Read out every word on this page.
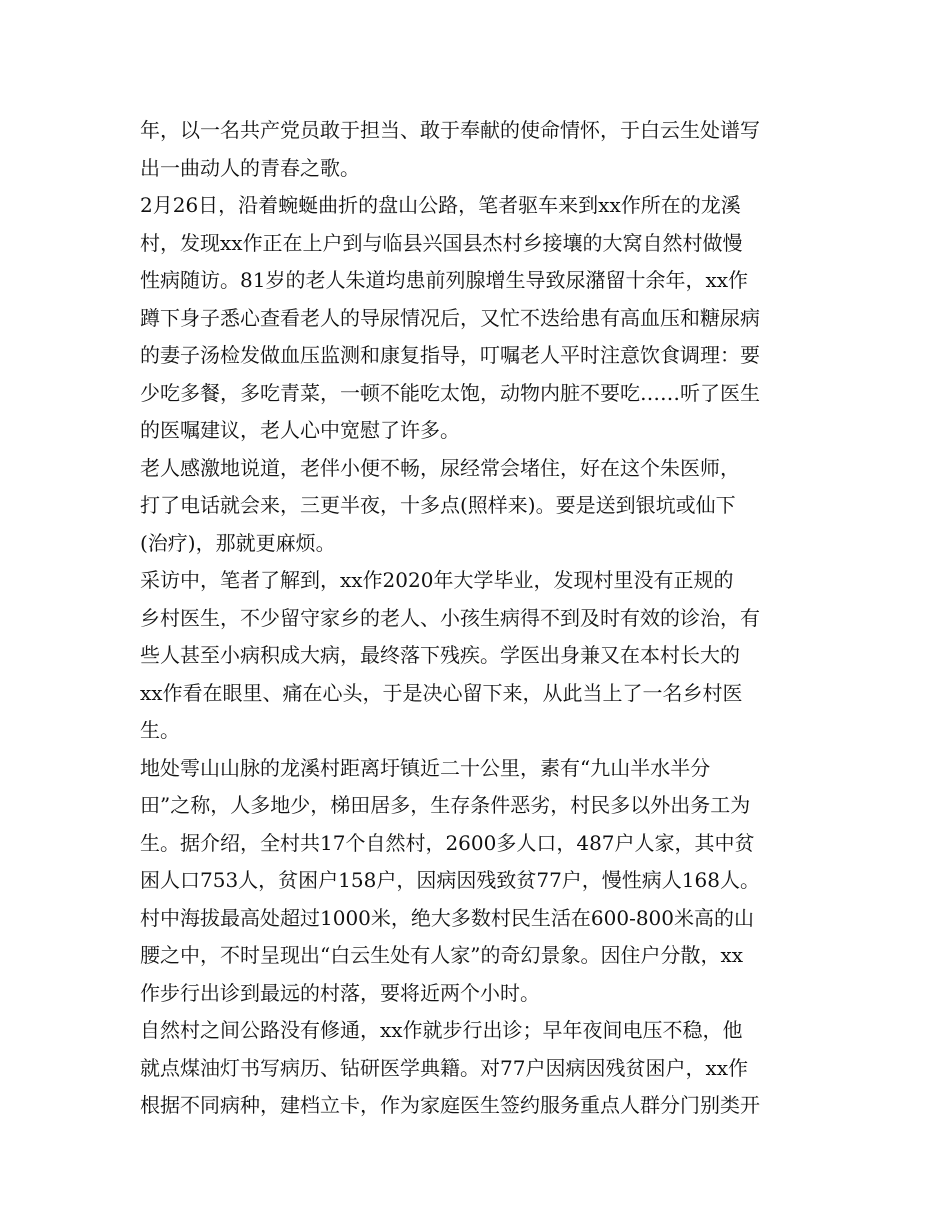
年，以一名共产党员敢于担当、敢于奉献的使命情怀，于白云生处谱写
出一曲动人的青春之歌。
2月26日，沿着蜿蜒曲折的盘山公路，笔者驱车来到xx作所在的龙溪
村，发现xx作正在上户到与临县兴国县杰村乡接壤的大窝自然村做慢
性病随访。81岁的老人朱道均患前列腺增生导致尿潴留十余年，xx作
蹲下身子悉心查看老人的导尿情况后，又忙不迭给患有高血压和糖尿病
的妻子汤检发做血压监测和康复指导，叮嘱老人平时注意饮食调理：要
少吃多餐，多吃青菜，一顿不能吃太饱，动物内脏不要吃……听了医生
的医嘱建议，老人心中宽慰了许多。
老人感激地说道，老伴小便不畅，尿经常会堵住，好在这个朱医师，
打了电话就会来，三更半夜，十多点(照样来)。要是送到银坑或仙下
(治疗)，那就更麻烦。
采访中，笔者了解到，xx作2020年大学毕业，发现村里没有正规的
乡村医生，不少留守家乡的老人、小孩生病得不到及时有效的诊治，有
些人甚至小病积成大病，最终落下残疾。学医出身兼又在本村长大的
xx作看在眼里、痛在心头，于是决心留下来，从此当上了一名乡村医
生。
地处雩山山脉的龙溪村距离圩镇近二十公里，素有“九山半水半分
田”之称，人多地少，梯田居多，生存条件恶劣，村民多以外出务工为
生。据介绍，全村共17个自然村，2600多人口，487户人家，其中贫
困人口753人，贫困户158户，因病因残致贫77户，慢性病人168人。
村中海拔最高处超过1000米，绝大多数村民生活在600-800米高的山
腰之中，不时呈现出“白云生处有人家”的奇幻景象。因住户分散，xx
作步行出诊到最远的村落，要将近两个小时。
自然村之间公路没有修通，xx作就步行出诊；早年夜间电压不稳，他
就点煤油灯书写病历、钻研医学典籍。对77户因病因残贫困户，xx作
根据不同病种，建档立卡，作为家庭医生签约服务重点人群分门别类开
